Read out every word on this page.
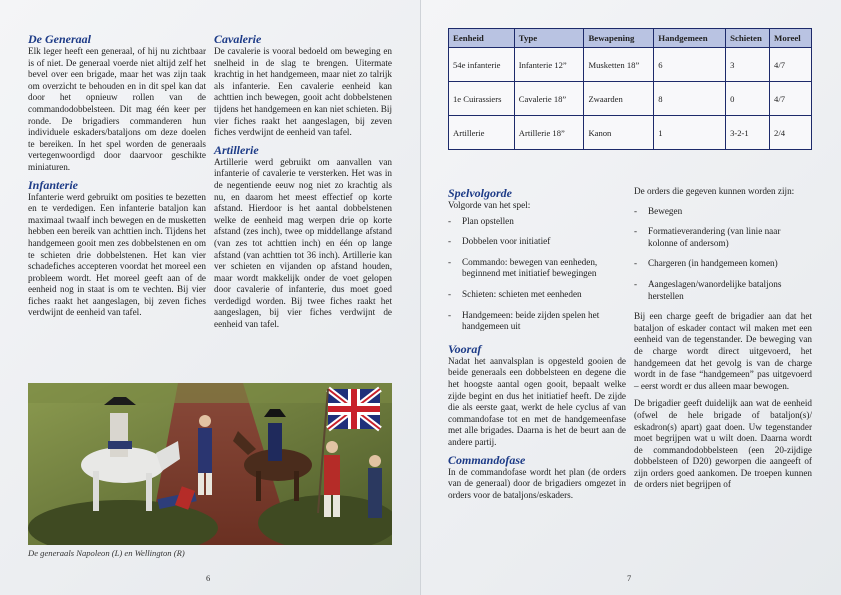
De Generaal

Elk leger heeft een generaal, of hij nu zichtbaar is of niet. De generaal voerde niet altijd zelf het bevel over een brigade, maar het was zijn taak om overzicht te behouden en in dit spel kan dat door het opnieuw rollen van de commandodobbelsteen. Dit mag één keer per ronde. De brigadiers commanderen hun individuele eskaders/bataljons om deze doelen te bereiken. In het spel worden de generaals vertegenwoordigd door daarvoor geschikte miniaturen.

Infanterie

Infanterie werd gebruikt om posities te bezetten en te verdedigen. Een infanterie bataljon kan maximaal twaalf inch bewegen en de musketten hebben een bereik van achttien inch. Tijdens het handgemeen gooit men zes dobbelstenen en om te schieten drie dobbelstenen. Het kan vier schadefiches accepteren voordat het moreel een probleem wordt. Het moreel geeft aan of de eenheid nog in staat is om te vechten. Bij vier fiches raakt het aangeslagen, bij zeven fiches verdwijnt de eenheid van tafel.

Cavalerie

De cavalerie is vooral bedoeld om beweging en snelheid in de slag te brengen. Uitermate krachtig in het handgemeen, maar niet zo talrijk als infanterie. Een cavalerie eenheid kan achttien inch bewegen, gooit acht dobbelstenen tijdens het handgemeen en kan niet schieten. Bij vier fiches raakt het aangeslagen, bij zeven fiches verdwijnt de eenheid van tafel.

Artillerie

Artillerie werd gebruikt om aanvallen van infanterie of cavalerie te versterken. Het was in de negentiende eeuw nog niet zo krachtig als nu, en daarom het meest effectief op korte afstand. Hierdoor is het aantal dobbelstenen welke de eenheid mag werpen drie op korte afstand (zes inch), twee op middellange afstand (van zes tot achttien inch) en één op lange afstand (van achttien tot 36 inch). Artillerie kan ver schieten en vijanden op afstand houden, maar wordt makkelijk onder de voet gelopen door cavalerie of infanterie, dus moet goed verdedigd worden. Bij twee fiches raakt het aangeslagen, bij vier fiches verdwijnt de eenheid van tafel.

De generaals Napoleon (L) en Wellington (R)
6
Eenheid	Type	Bewapening	Handgemeen	Schieten	Moreel
54e infanterie	Infanterie 12”	Musketten 18”	6	3	4/7
1e Cuirassiers	Cavalerie 18”	Zwaarden	8	0	4/7
Artillerie	Artillerie 18”	Kanon	1	3-2-1	2/4
Spelvolgorde

Volgorde van het spel:

- Plan opstellen
- Dobbelen voor initiatief
- Commando: bewegen van eenheden, beginnend met initiatief bewegingen
- Schieten: schieten met eenheden
- Handgemeen: beide zijden spelen het handgemeen uit
Vooraf

Nadat het aanvalsplan is opgesteld gooien de beide generaals een dobbelsteen en degene die het hoogste aantal ogen gooit, bepaalt welke zijde begint en dus het initiatief heeft. De zijde die als eerste gaat, werkt de hele cyclus af van commandofase tot en met de handgemeenfase met alle brigades. Daarna is het de beurt aan de andere partij.

Commandofase

In de commandofase wordt het plan (de orders van de generaal) door de brigadiers omgezet in orders voor de bataljons/eskaders.

De orders die gegeven kunnen worden zijn:

- Bewegen
- Formatieverandering (van linie naar kolonne of andersom)
- Chargeren (in handgemeen komen)
- Aangeslagen/wanordelijke bataljons herstellen

Bij een charge geeft de brigadier aan dat het bataljon of eskader contact wil maken met een eenheid van de tegenstander. De beweging van de charge wordt direct uitgevoerd, het handgemeen dat het gevolg is van de charge wordt in de fase “handgemeen” pas uitgevoerd – eerst wordt er dus alleen maar bewogen.

De brigadier geeft duidelijk aan wat de eenheid (ofwel de hele brigade of bataljon(s)/ eskadron(s) apart) gaat doen. Uw tegenstander moet begrijpen wat u wilt doen. Daarna wordt de commandodobbelsteen (een 20-zijdige dobbelsteen of D20) geworpen die aangeeft of zijn orders goed aankomen. De troepen kunnen de orders niet begrijpen of

7
